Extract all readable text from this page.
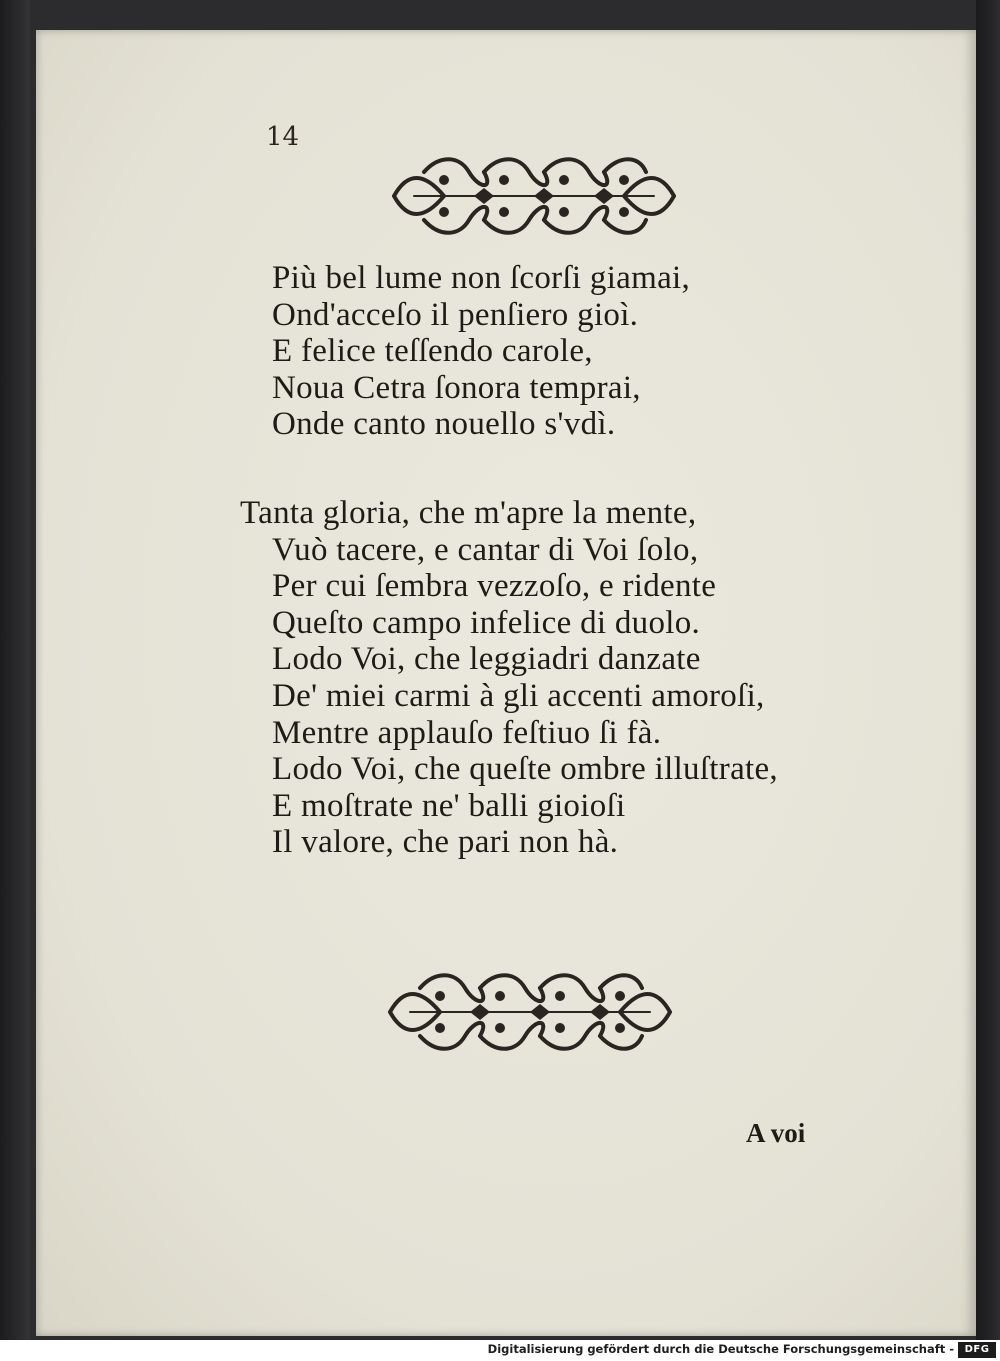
14
Più bel lume non ſcorſi giamai,
Ond'acceſo il penſiero gioì.
E felice teſſendo carole,
Noua Cetra ſonora temprai,
Onde canto nouello s'vdì.
Tanta gloria, che m'apre la mente,
Vuò tacere, e cantar di Voi ſolo,
Per cui ſembra vezzoſo, e ridente
Queſto campo infelice di duolo.
Lodo Voi, che leggiadri danzate
De' miei carmi à gli accenti amoroſi,
Mentre applauſo feſtiuo ſi fà.
Lodo Voi, che queſte ombre illuſtrate,
E moſtrate ne' balli gioioſi
Il valore, che pari non hà.
A voi
Digitalisierung gefördert durch die Deutsche Forschungsgemeinschaft -	DFG
